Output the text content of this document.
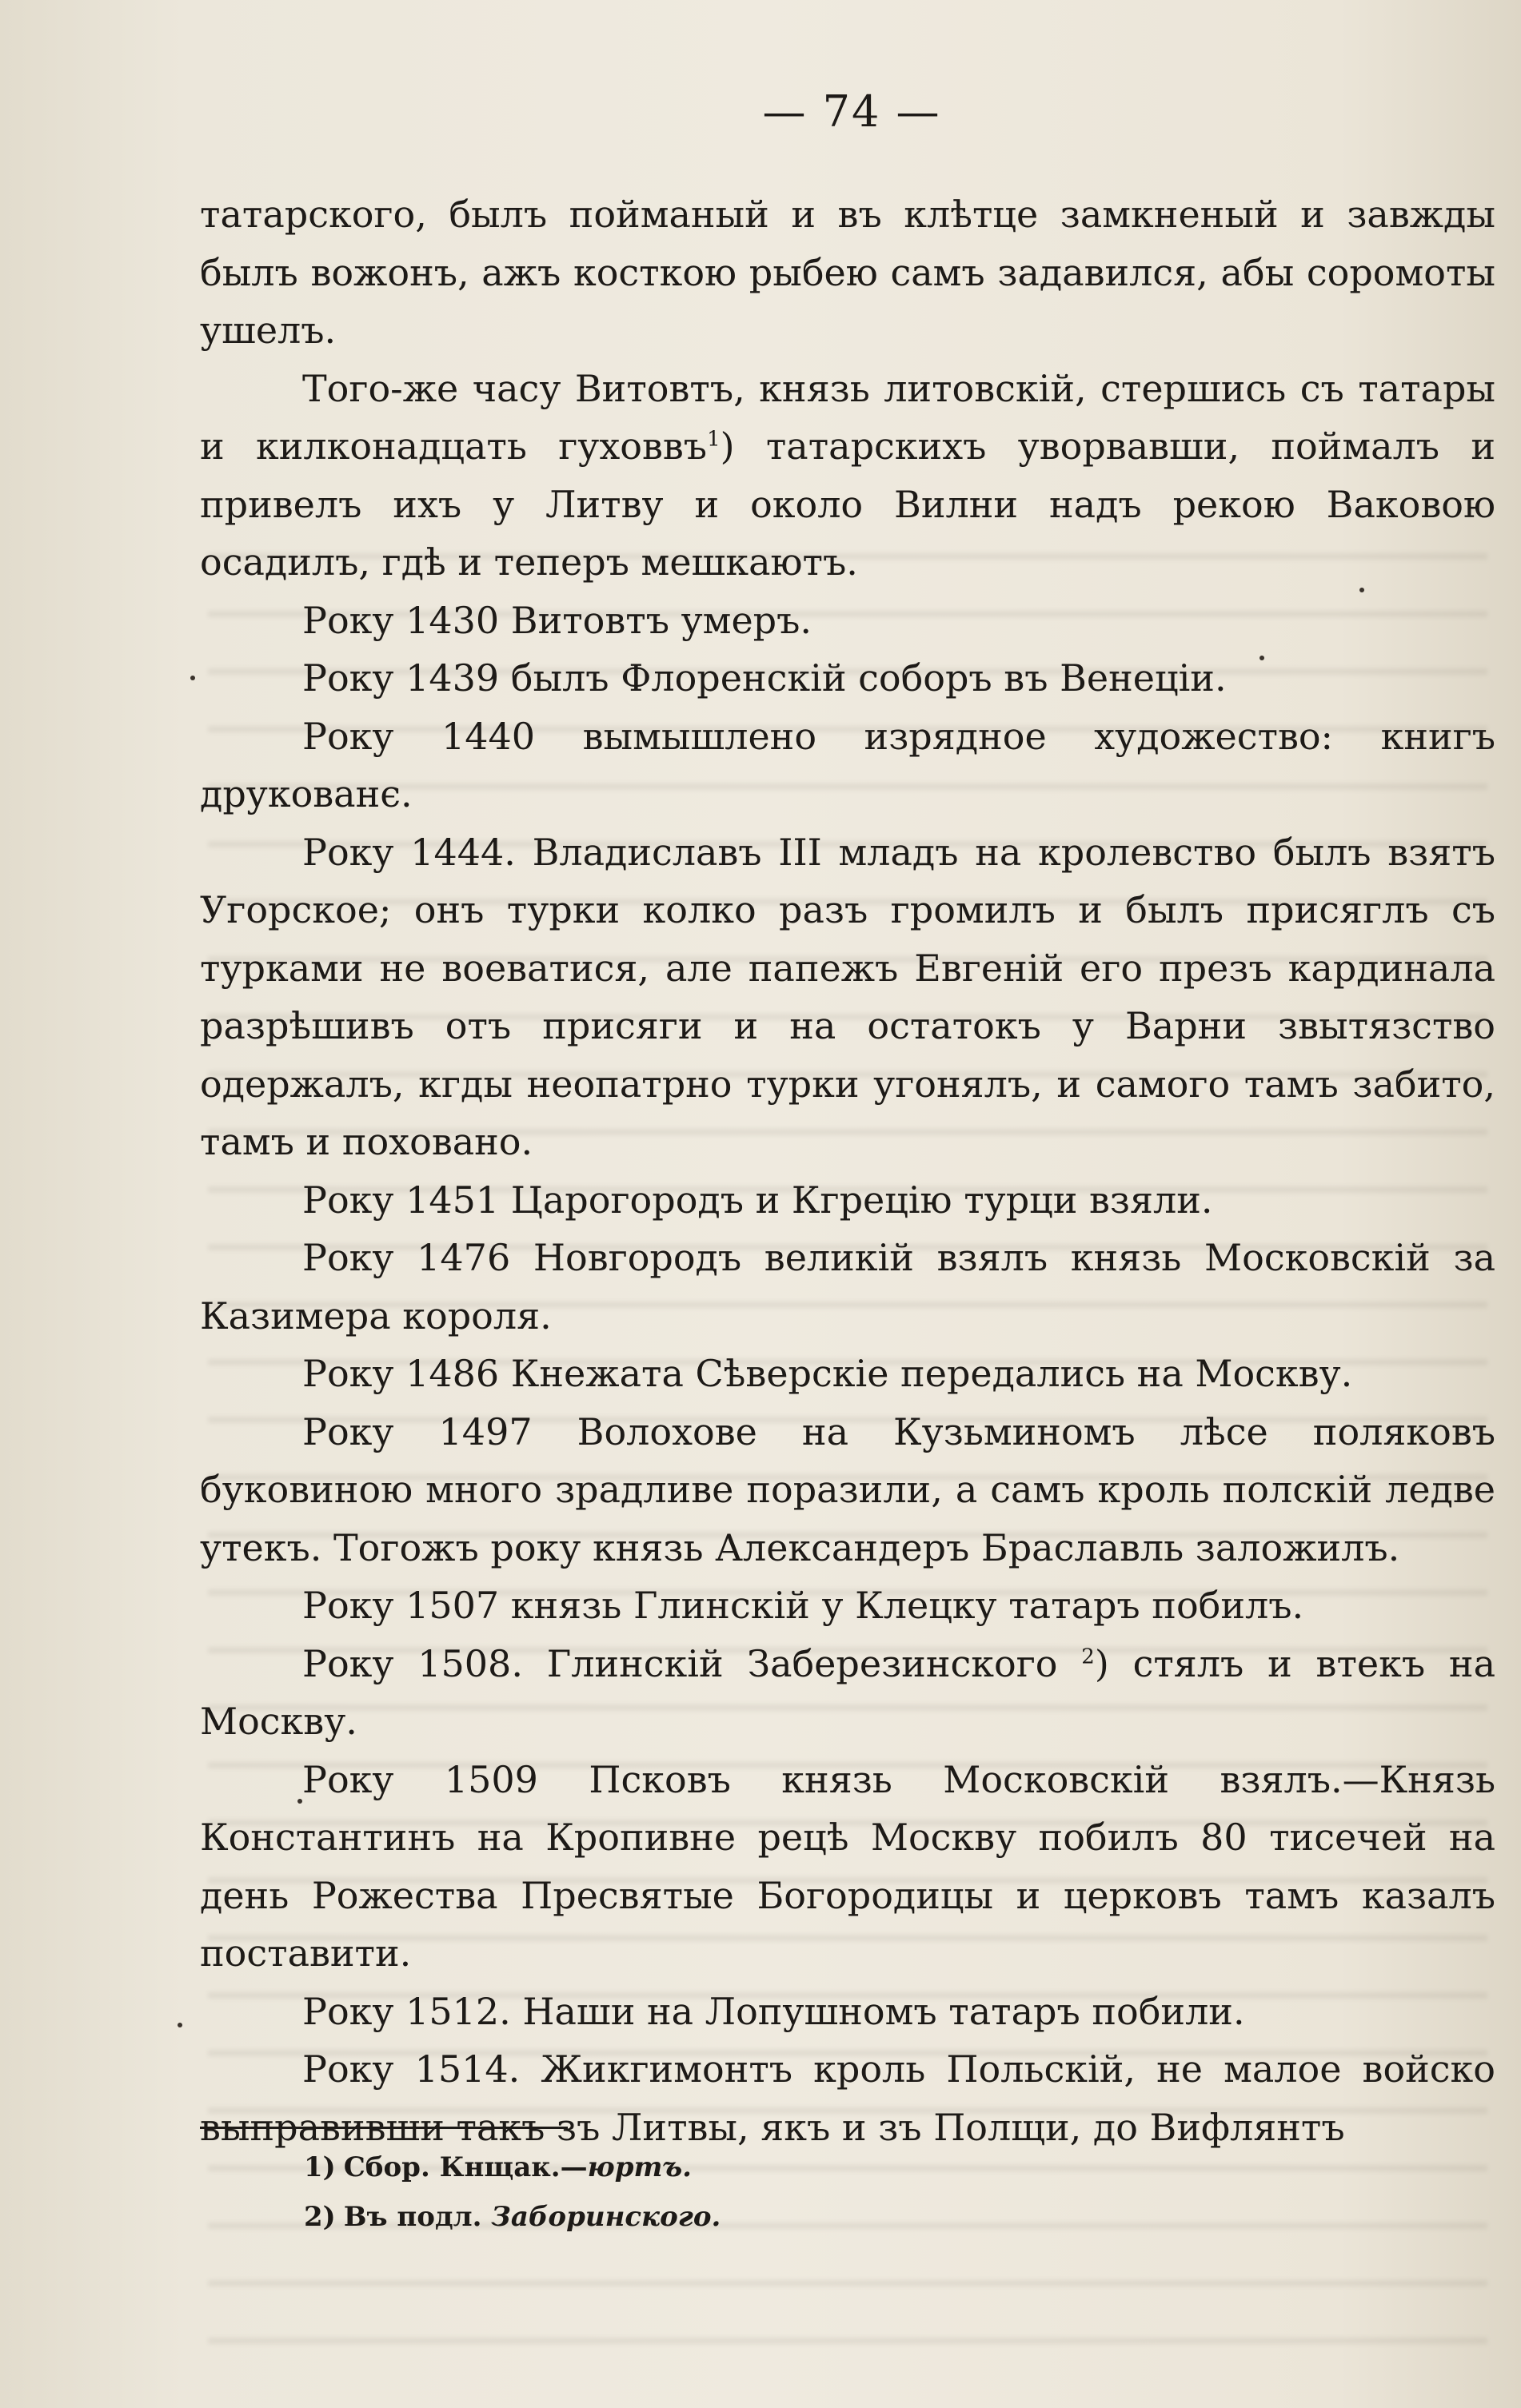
— 74 —

татарского, былъ пойманый и въ клѣтце замкненый и завжды былъ вожонъ, ажъ косткою рыбею самъ задавился, абы соромоты ушелъ.

Того-же часу Витовтъ, князь литовскій, стершись съ татары и килконадцать гуховвъ$^1$) татарскихъ уворвавши, поймалъ и привелъ ихъ у Литву и около Вилни надъ рекою Ваковою осадилъ, гдѣ и теперъ мешкаютъ.

Року 1430 Витовтъ умеръ.

Року 1439 былъ Флоренскій соборъ въ Венеціи.

Року 1440 вымышлено изрядное художество: книгъ друкованє.

Року 1444. Владиславъ III младъ на кролевство былъ взятъ Угорское; онъ турки колко разъ громилъ и былъ присяглъ съ турками не воеватися, але папежъ Евгеній его презъ кардинала разрѣшивъ отъ присяги и на остатокъ у Варни звытязство одержалъ, кгды неопатрно турки угонялъ, и самого тамъ забито, тамъ и поховано.

Року 1451 Царогородъ и Кгрецію турци взяли.

Року 1476 Новгородъ великій взялъ князь Московскій за Казимера короля.

Року 1486 Кнежата Сѣверскіе передались на Москву.

Року 1497 Волохове на Кузьминомъ лѣсе поляковъ буковиною много зрадливе поразили, а самъ кроль полскій ледве утекъ. Тогожъ року князь Александеръ Браславль заложилъ.

Року 1507 князь Глинскій у Клецку татаръ побилъ.

Року 1508. Глинскій Заберезинского $^2$) стялъ и втекъ на Москву.

Року 1509 Псковъ князь Московскій взялъ.—Князь Константинъ на Кропивне рецѣ Москву побилъ 80 тисечей на день Рожества Пресвятые Богородицы и церковъ тамъ казалъ поставити.

Року 1512. Наши на Лопушномъ татаръ побили.

Року 1514. Жикгимонтъ кроль Польскій, не малое войско выправивши такъ зъ Литвы, якъ и зъ Полщи, до Вифлянтъ

1) Сбор. Кнщак.—юртъ.
2) Въ подл. Заборинского.
